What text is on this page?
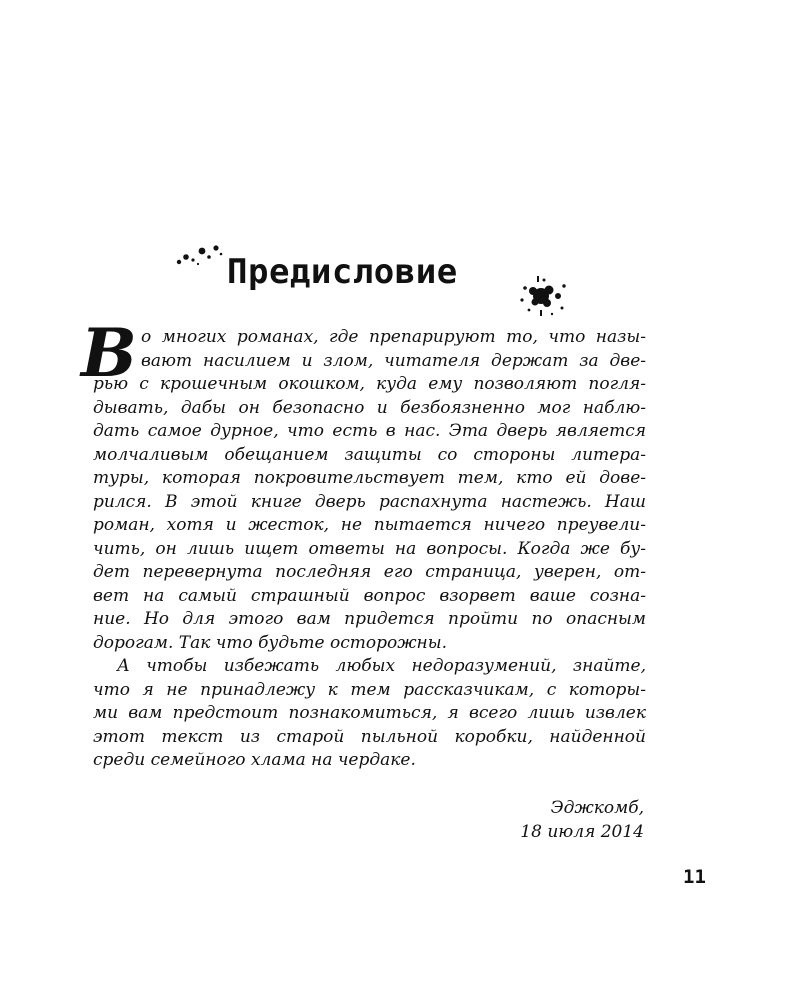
Предисловие
В о многих романах, где препарируют то, что назы-
вают насилием и злом, читателя держат за две-
рью с крошечным окошком, куда ему позволяют погля-
дывать, дабы он безопасно и безбоязненно мог наблю-
дать самое дурное, что есть в нас. Эта дверь является
молчаливым обещанием защиты со стороны литера-
туры, которая покровительствует тем, кто ей дове-
рился. В этой книге дверь распахнута настежь. Наш
роман, хотя и жесток, не пытается ничего преувели-
чить, он лишь ищет ответы на вопросы. Когда же бу-
дет перевернута последняя его страница, уверен, от-
вет на самый страшный вопрос взорвет ваше созна-
ние. Но для этого вам придется пройти по опасным
дорогам. Так что будьте осторожны.
А чтобы избежать любых недоразумений, знайте,
что я не принадлежу к тем рассказчикам, с которы-
ми вам предстоит познакомиться, я всего лишь извлек
этот текст из старой пыльной коробки, найденной
среди семейного хлама на чердаке.
Эджкомб,
18 июля 2014
11
